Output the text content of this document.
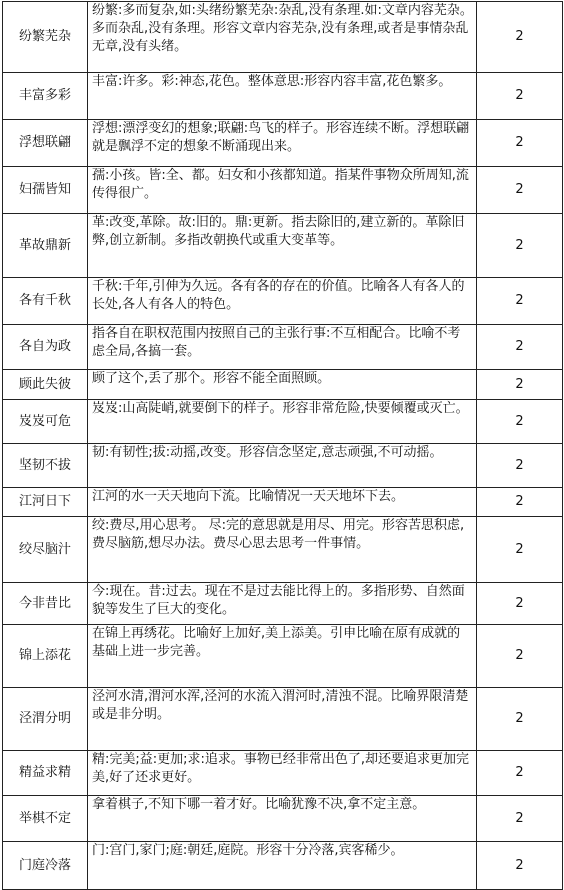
纷繁芜杂	纷繁:多而复杂,如:头绪纷繁芜杂:杂乱,没有条理.如:文章内容芜杂。多而杂乱,没有条理。形容文章内容芜杂,没有条理,或者是事情杂乱无章,没有头绪。	2
丰富多彩	丰富:许多。彩:神态,花色。整体意思:形容内容丰富,花色繁多。	2
浮想联翩	浮想:漂浮变幻的想象;联翩:鸟飞的样子。形容连续不断。浮想联翩就是飘浮不定的想象不断涌现出来。	2
妇孺皆知	孺:小孩。皆:全、都。妇女和小孩都知道。指某件事物众所周知,流传得很广。	2
革故鼎新	革:改变,革除。故:旧的。鼎:更新。指去除旧的,建立新的。革除旧弊,创立新制。多指改朝换代或重大变革等。	2
各有千秋	千秋:千年,引伸为久远。各有各的存在的价值。比喻各人有各人的长处,各人有各人的特色。	2
各自为政	指各自在职权范围内按照自己的主张行事:不互相配合。比喻不考虑全局,各搞一套。	2
顾此失彼	顾了这个,丢了那个。形容不能全面照顾。	2
岌岌可危	岌岌:山高陡峭,就要倒下的样子。形容非常危险,快要倾覆或灭亡。	2
坚韧不拔	韧:有韧性;拔:动摇,改变。形容信念坚定,意志顽强,不可动摇。	2
江河日下	江河的水一天天地向下流。比喻情况一天天地坏下去。	2
绞尽脑汁	绞:费尽,用心思考。 尽:完的意思就是用尽、用完。形容苦思积虑,费尽脑筋,想尽办法。费尽心思去思考一件事情。	2
今非昔比	今:现在。昔:过去。现在不是过去能比得上的。多指形势、自然面貌等发生了巨大的变化。	2
锦上添花	在锦上再绣花。比喻好上加好,美上添美。引申比喻在原有成就的基础上进一步完善。	2
泾渭分明	泾河水清,渭河水浑,泾河的水流入渭河时,清浊不混。比喻界限清楚或是非分明。	2
精益求精	精:完美;益:更加;求:追求。事物已经非常出色了,却还要追求更加完美,好了还求更好。	2
举棋不定	拿着棋子,不知下哪一着才好。比喻犹豫不决,拿不定主意。	2
门庭冷落	门:宫门,家门;庭:朝廷,庭院。形容十分冷落,宾客稀少。	2
